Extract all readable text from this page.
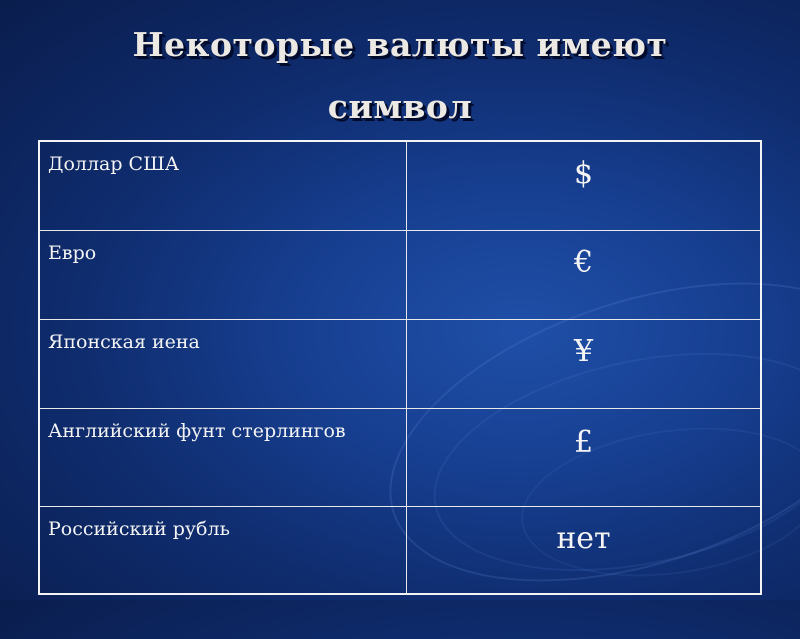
Некоторые валюты имеют
символ
Доллар США	$
Евро	€
Японская иена	¥
Английский фунт стерлингов	£
Российский рубль	нет
